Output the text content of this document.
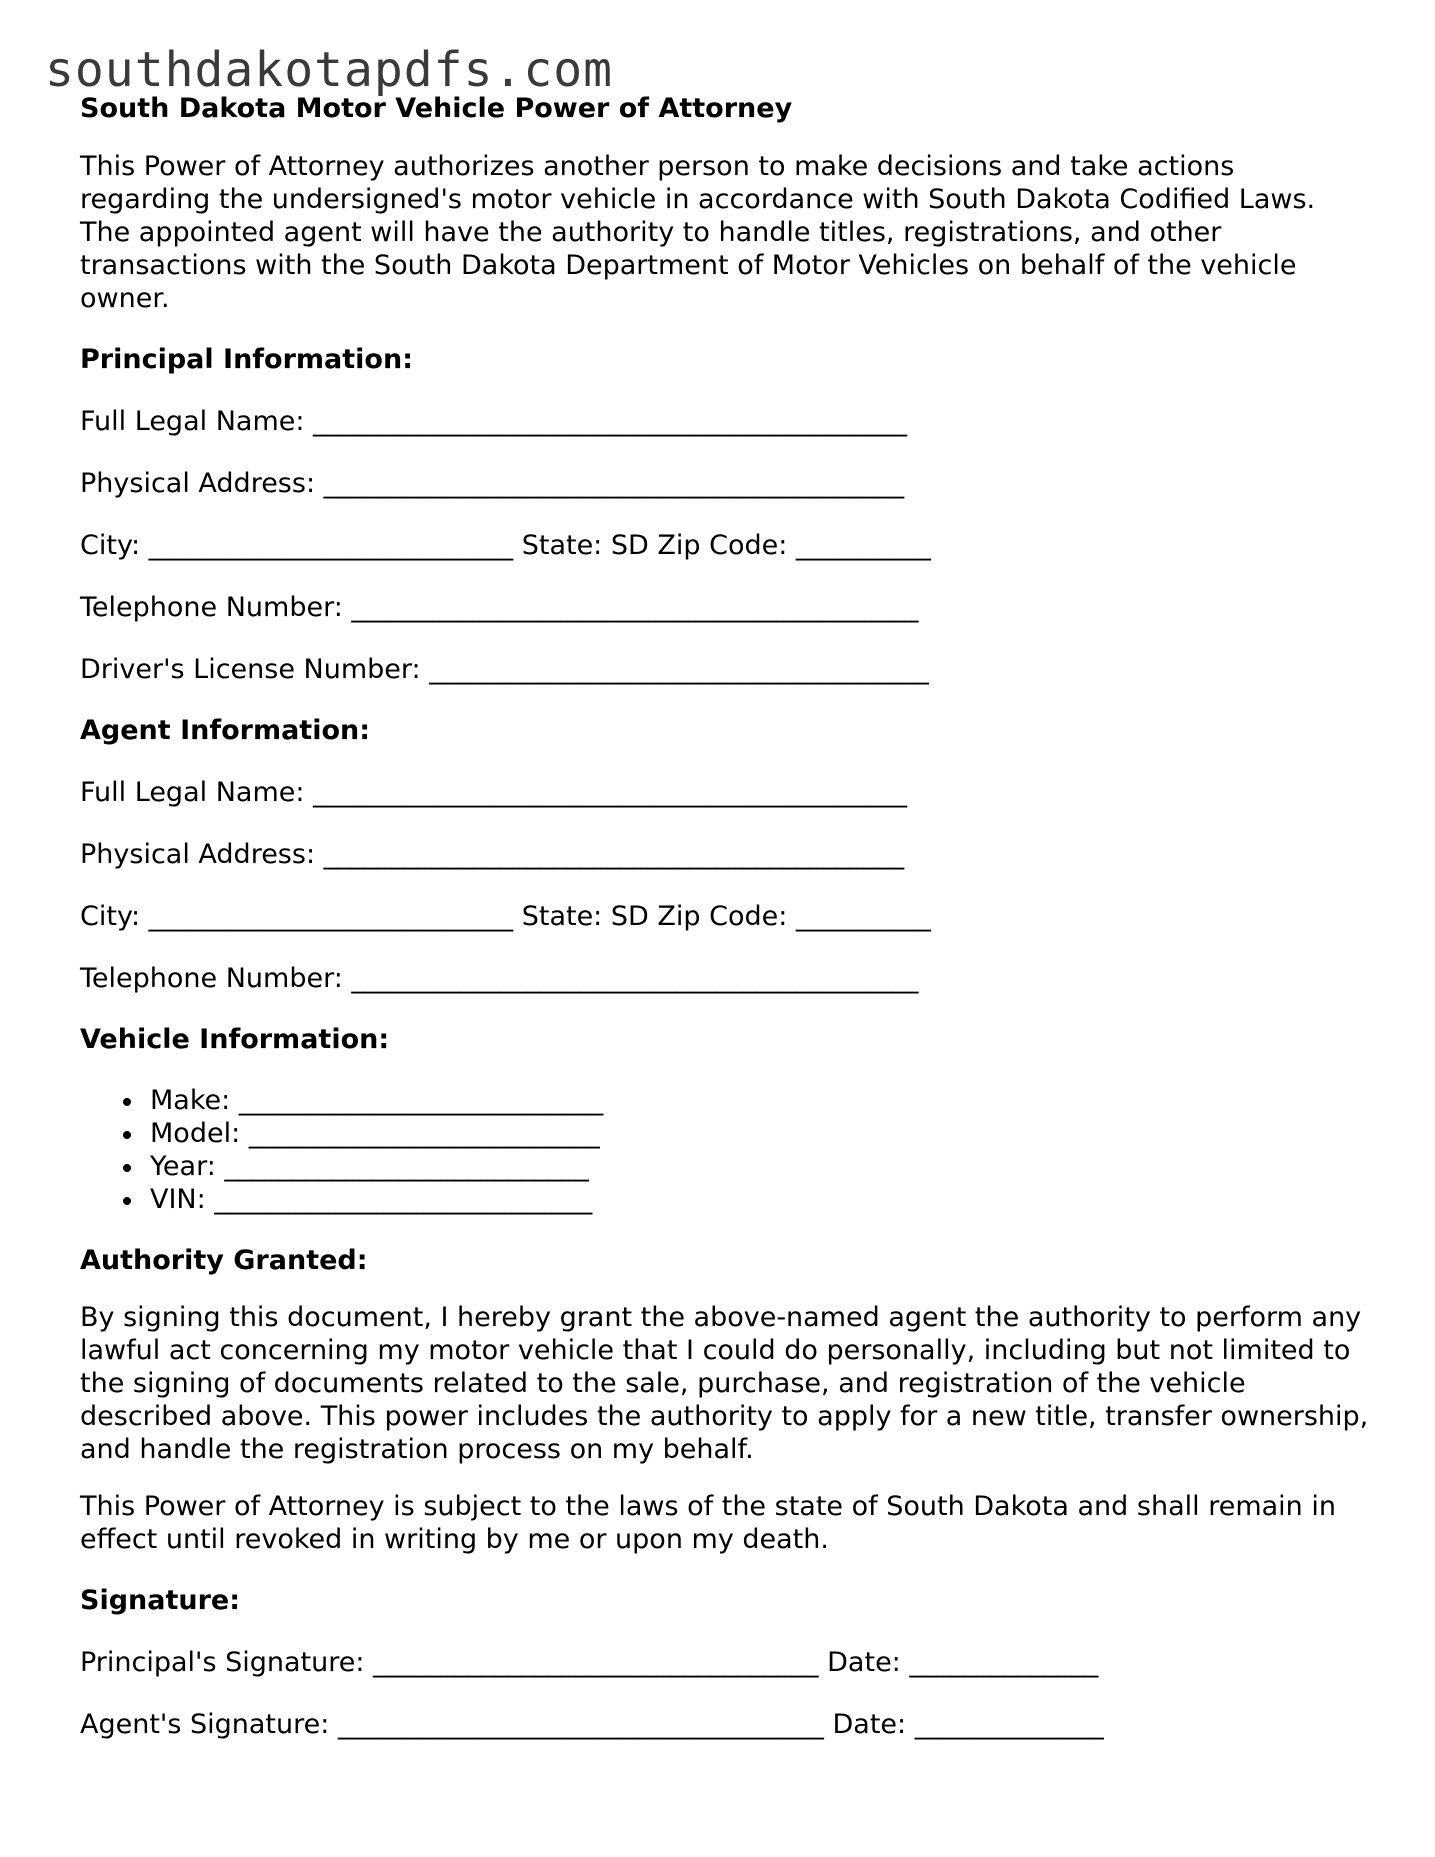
southdakotapdfs.com

South Dakota Motor Vehicle Power of Attorney

This Power of Attorney authorizes another person to make decisions and take actions regarding the undersigned's motor vehicle in accordance with South Dakota Codified Laws. The appointed agent will have the authority to handle titles, registrations, and other transactions with the South Dakota Department of Motor Vehicles on behalf of the vehicle owner.

Principal Information:

Full Legal Name: ____________________________________________

Physical Address: ___________________________________________

City: ___________________________ State: SD Zip Code: __________

Telephone Number: __________________________________________

Driver's License Number: _____________________________________

Agent Information:

Full Legal Name: ____________________________________________

Physical Address: ___________________________________________

City: ___________________________ State: SD Zip Code: __________

Telephone Number: __________________________________________

Vehicle Information:

Make: ___________________________
Model: __________________________
Year: ___________________________
VIN: ____________________________

Authority Granted:

By signing this document, I hereby grant the above-named agent the authority to perform any lawful act concerning my motor vehicle that I could do personally, including but not limited to the signing of documents related to the sale, purchase, and registration of the vehicle described above. This power includes the authority to apply for a new title, transfer ownership, and handle the registration process on my behalf.

This Power of Attorney is subject to the laws of the state of South Dakota and shall remain in effect until revoked in writing by me or upon my death.

Signature:

Principal's Signature: _________________________________ Date: ______________

Agent's Signature: ____________________________________ Date: ______________
